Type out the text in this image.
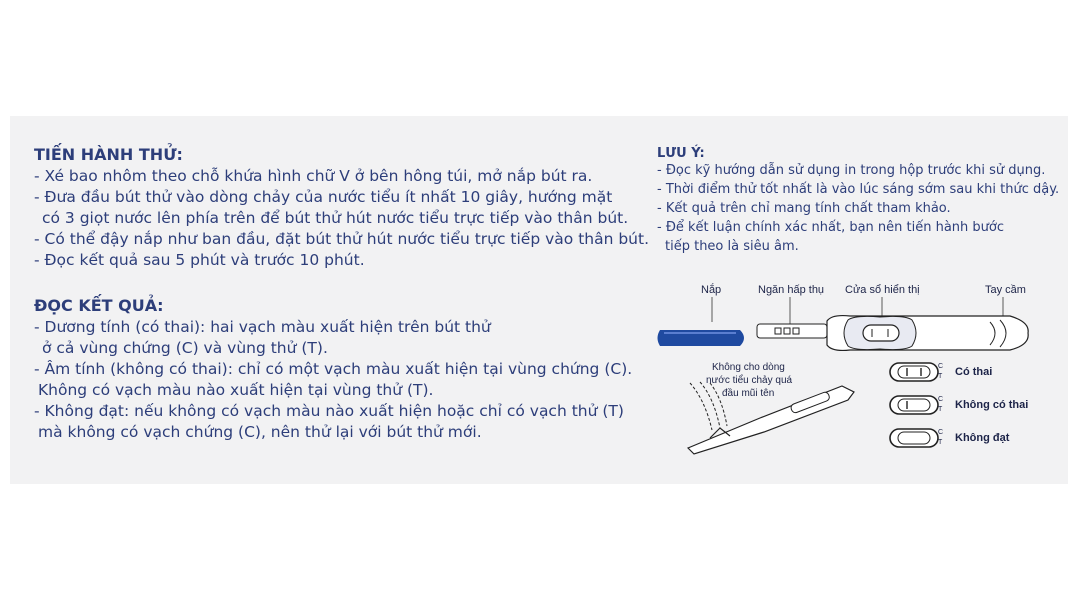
TIẾN HÀNH THỬ:
- Xé bao nhôm theo chỗ khứa hình chữ V ở bên hông túi, mở nắp bút ra.
- Đưa đầu bút thử vào dòng chảy của nước tiểu ít nhất 10 giây, hướng mặt
có 3 giọt nước lên phía trên để bút thử hút nước tiểu trực tiếp vào thân bút.
- Có thể đậy nắp như ban đầu, đặt bút thử hút nước tiểu trực tiếp vào thân bút.
- Đọc kết quả sau 5 phút và trước 10 phút.
ĐỌC KẾT QUẢ:
- Dương tính (có thai): hai vạch màu xuất hiện trên bút thử
ở cả vùng chứng (C) và vùng thử (T).
- Âm tính (không có thai): chỉ có một vạch màu xuất hiện tại vùng chứng (C).
Không có vạch màu nào xuất hiện tại vùng thử (T).
- Không đạt: nếu không có vạch màu nào xuất hiện hoặc chỉ có vạch thử (T)
mà không có vạch chứng (C), nên thử lại với bút thử mới.
LƯU Ý:
- Đọc kỹ hướng dẫn sử dụng in trong hộp trước khi sử dụng.
- Thời điểm thử tốt nhất là vào lúc sáng sớm sau khi thức dậy.
- Kết quả trên chỉ mang tính chất tham khảo.
- Để kết luận chính xác nhất, bạn nên tiến hành bước
tiếp theo là siêu âm.
Nắp	Ngăn hấp thụ Cửa sổ hiển thị	Tay cầm
Không cho dòng
nước tiểu chảy quá
đầu mũi tên
C
T
C
T
C
T
Có thai
Không có thai
Không đạt
